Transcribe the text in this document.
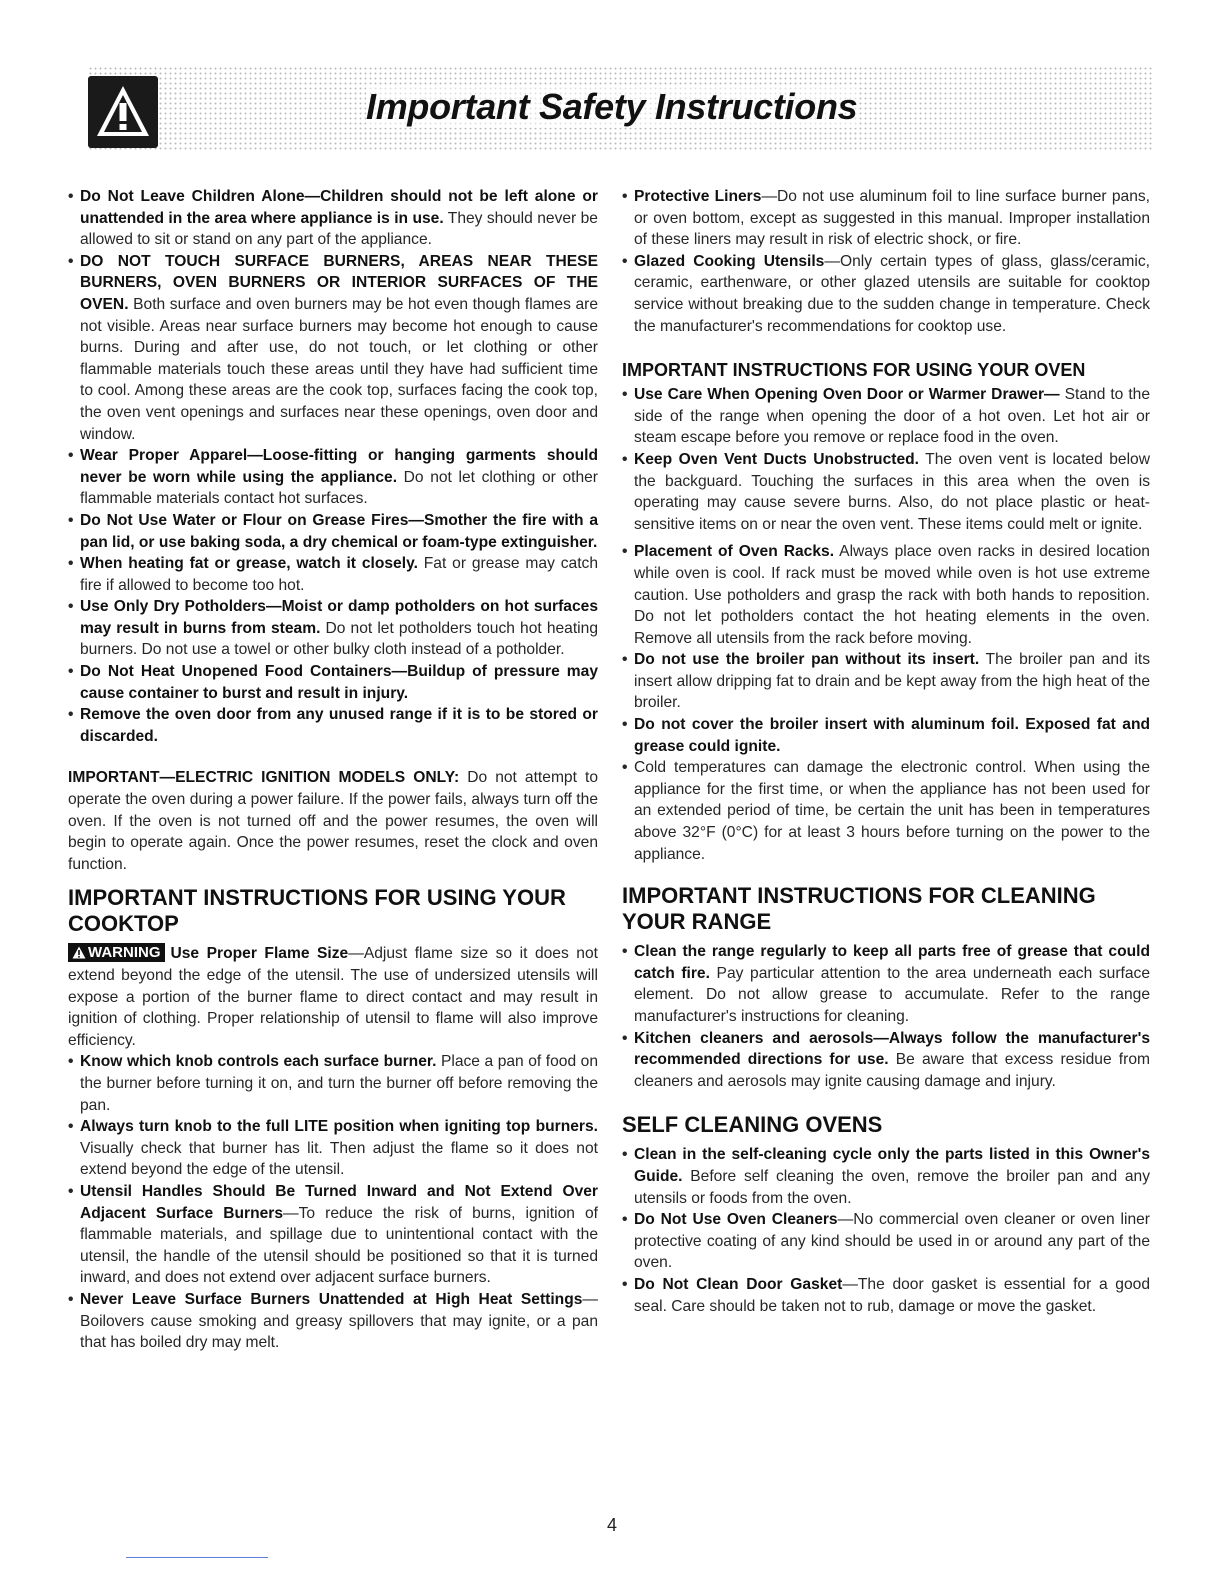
Important Safety Instructions
• Do Not Leave Children Alone—Children should not be left alone or unattended in the area where appliance is in use. They should never be allowed to sit or stand on any part of the appliance.
• DO NOT TOUCH SURFACE BURNERS, AREAS NEAR THESE BURNERS, OVEN BURNERS OR INTERIOR SURFACES OF THE OVEN. Both surface and oven burners may be hot even though flames are not visible. Areas near surface burners may become hot enough to cause burns. During and after use, do not touch, or let clothing or other flammable materials touch these areas until they have had sufficient time to cool. Among these areas are the cook top, surfaces facing the cook top, the oven vent openings and surfaces near these openings, oven door and window.
• Wear Proper Apparel—Loose-fitting or hanging garments should never be worn while using the appliance. Do not let clothing or other flammable materials contact hot surfaces.
• Do Not Use Water or Flour on Grease Fires—Smother the fire with a pan lid, or use baking soda, a dry chemical or foam-type extinguisher.
• When heating fat or grease, watch it closely. Fat or grease may catch fire if allowed to become too hot.
• Use Only Dry Potholders—Moist or damp potholders on hot surfaces may result in burns from steam. Do not let potholders touch hot heating burners. Do not use a towel or other bulky cloth instead of a potholder.
• Do Not Heat Unopened Food Containers—Buildup of pressure may cause container to burst and result in injury.
• Remove the oven door from any unused range if it is to be stored or discarded.

IMPORTANT—ELECTRIC IGNITION MODELS ONLY: Do not attempt to operate the oven during a power failure. If the power fails, always turn off the oven. If the oven is not turned off and the power resumes, the oven will begin to operate again. Once the power resumes, reset the clock and oven function.

IMPORTANT INSTRUCTIONS FOR USING YOUR COOKTOP

WARNING Use Proper Flame Size—Adjust flame size so it does not extend beyond the edge of the utensil. The use of undersized utensils will expose a portion of the burner flame to direct contact and may result in ignition of clothing. Proper relationship of utensil to flame will also improve efficiency.

• Know which knob controls each surface burner. Place a pan of food on the burner before turning it on, and turn the burner off before removing the pan.
• Always turn knob to the full LITE position when igniting top burners. Visually check that burner has lit. Then adjust the flame so it does not extend beyond the edge of the utensil.
• Utensil Handles Should Be Turned Inward and Not Extend Over Adjacent Surface Burners—To reduce the risk of burns, ignition of flammable materials, and spillage due to unintentional contact with the utensil, the handle of the utensil should be positioned so that it is turned inward, and does not extend over adjacent surface burners.
• Never Leave Surface Burners Unattended at High Heat Settings—Boilovers cause smoking and greasy spillovers that may ignite, or a pan that has boiled dry may melt.
• Protective Liners—Do not use aluminum foil to line surface burner pans, or oven bottom, except as suggested in this manual. Improper installation of these liners may result in risk of electric shock, or fire.
• Glazed Cooking Utensils—Only certain types of glass, glass/ceramic, ceramic, earthenware, or other glazed utensils are suitable for cooktop service without breaking due to the sudden change in temperature. Check the manufacturer's recommendations for cooktop use.
IMPORTANT INSTRUCTIONS FOR USING YOUR OVEN
• Use Care When Opening Oven Door or Warmer Drawer— Stand to the side of the range when opening the door of a hot oven. Let hot air or steam escape before you remove or replace food in the oven.
• Keep Oven Vent Ducts Unobstructed. The oven vent is located below the backguard. Touching the surfaces in this area when the oven is operating may cause severe burns. Also, do not place plastic or heat-sensitive items on or near the oven vent. These items could melt or ignite.
• Placement of Oven Racks. Always place oven racks in desired location while oven is cool. If rack must be moved while oven is hot use extreme caution. Use potholders and grasp the rack with both hands to reposition. Do not let potholders contact the hot heating elements in the oven. Remove all utensils from the rack before moving.
• Do not use the broiler pan without its insert. The broiler pan and its insert allow dripping fat to drain and be kept away from the high heat of the broiler.
• Do not cover the broiler insert with aluminum foil. Exposed fat and grease could ignite.
• Cold temperatures can damage the electronic control. When using the appliance for the first time, or when the appliance has not been used for an extended period of time, be certain the unit has been in temperatures above 32°F (0°C) for at least 3 hours before turning on the power to the appliance.
IMPORTANT INSTRUCTIONS FOR CLEANING YOUR RANGE
• Clean the range regularly to keep all parts free of grease that could catch fire. Pay particular attention to the area underneath each surface element. Do not allow grease to accumulate. Refer to the range manufacturer's instructions for cleaning.
• Kitchen cleaners and aerosols—Always follow the manufacturer's recommended directions for use. Be aware that excess residue from cleaners and aerosols may ignite causing damage and injury.
SELF CLEANING OVENS
• Clean in the self-cleaning cycle only the parts listed in this Owner's Guide. Before self cleaning the oven, remove the broiler pan and any utensils or foods from the oven.
• Do Not Use Oven Cleaners—No commercial oven cleaner or oven liner protective coating of any kind should be used in or around any part of the oven.
• Do Not Clean Door Gasket—The door gasket is essential for a good seal. Care should be taken not to rub, damage or move the gasket.
4
